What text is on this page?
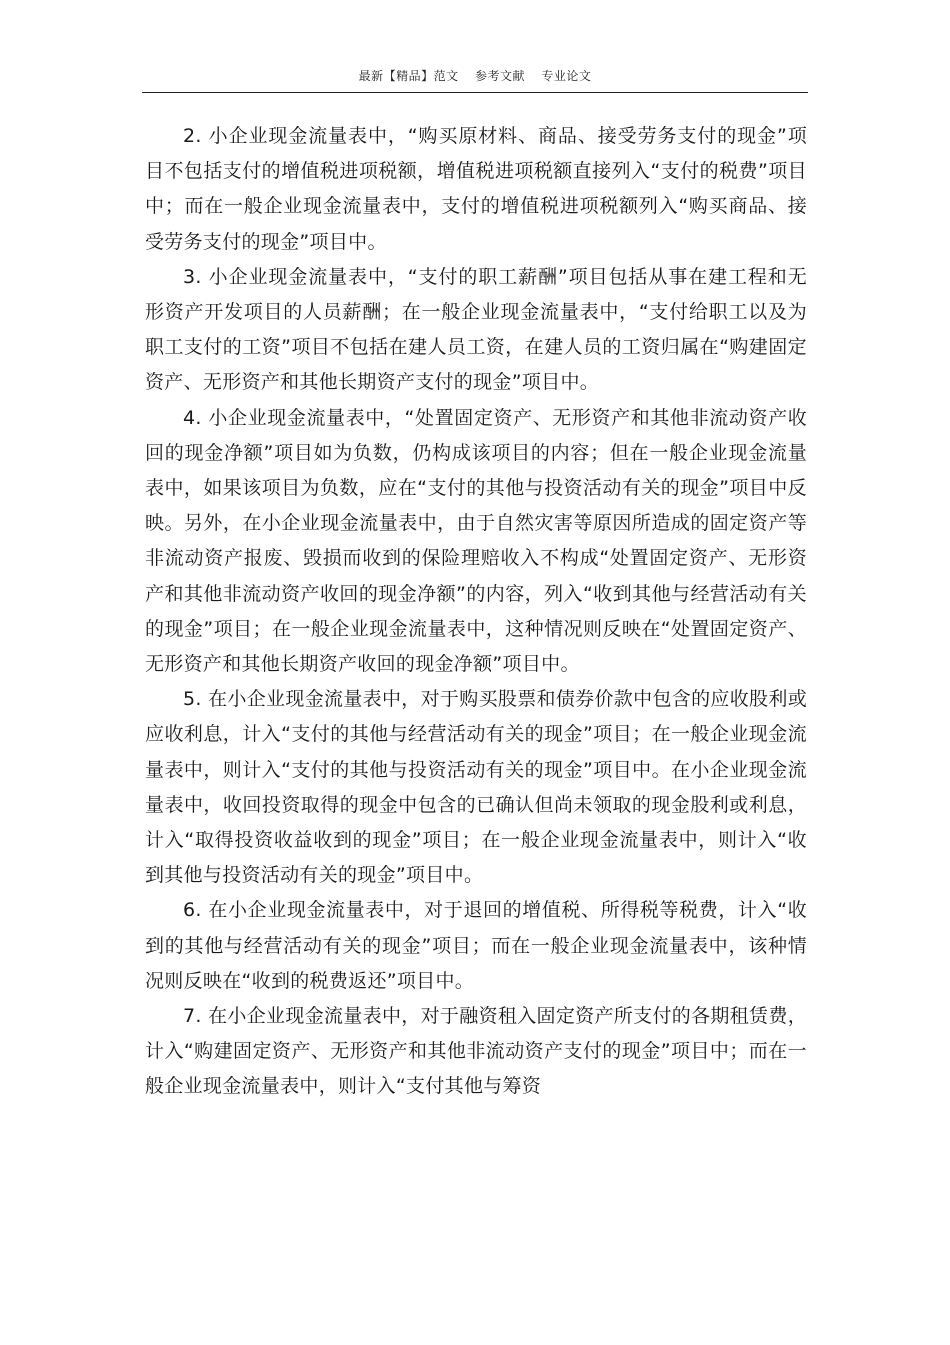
最新【精品】范文 参考文献 专业论文

2. 小企业现金流量表中，“购买原材料、商品、接受劳务支付的现金”项目不包括支付的增值税进项税额，增值税进项税额直接列入“支付的税费”项目中；而在一般企业现金流量表中，支付的增值税进项税额列入“购买商品、接受劳务支付的现金”项目中。

3. 小企业现金流量表中，“支付的职工薪酬”项目包括从事在建工程和无形资产开发项目的人员薪酬；在一般企业现金流量表中，“支付给职工以及为职工支付的工资”项目不包括在建人员工资，在建人员的工资归属在“购建固定资产、无形资产和其他长期资产支付的现金”项目中。

4. 小企业现金流量表中，“处置固定资产、无形资产和其他非流动资产收回的现金净额”项目如为负数，仍构成该项目的内容；但在一般企业现金流量表中，如果该项目为负数，应在“支付的其他与投资活动有关的现金”项目中反映。另外，在小企业现金流量表中，由于自然灾害等原因所造成的固定资产等非流动资产报废、毁损而收到的保险理赔收入不构成“处置固定资产、无形资产和其他非流动资产收回的现金净额”的内容，列入“收到其他与经营活动有关的现金”项目；在一般企业现金流量表中，这种情况则反映在“处置固定资产、无形资产和其他长期资产收回的现金净额”项目中。

5. 在小企业现金流量表中，对于购买股票和债券价款中包含的应收股利或应收利息，计入“支付的其他与经营活动有关的现金”项目；在一般企业现金流量表中，则计入“支付的其他与投资活动有关的现金”项目中。在小企业现金流量表中，收回投资取得的现金中包含的已确认但尚未领取的现金股利或利息，计入“取得投资收益收到的现金”项目；在一般企业现金流量表中，则计入“收到其他与投资活动有关的现金”项目中。

6. 在小企业现金流量表中，对于退回的增值税、所得税等税费，计入“收到的其他与经营活动有关的现金”项目；而在一般企业现金流量表中，该种情况则反映在“收到的税费返还”项目中。

7. 在小企业现金流量表中，对于融资租入固定资产所支付的各期租赁费，计入“购建固定资产、无形资产和其他非流动资产支付的现金”项目中；而在一般企业现金流量表中，则计入“支付其他与筹资
